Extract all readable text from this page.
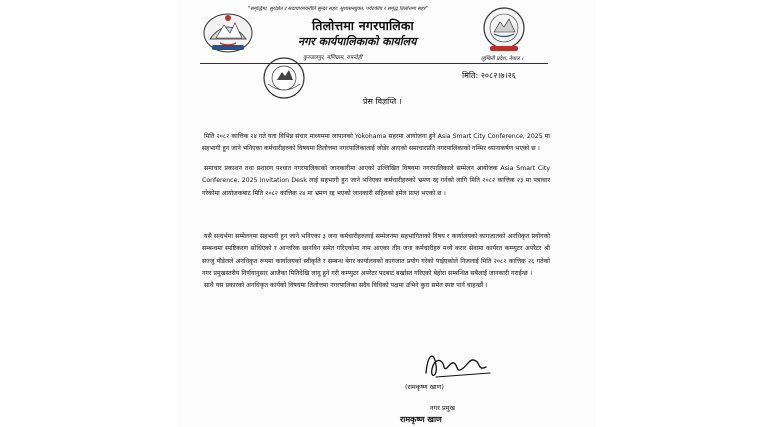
"समृद्धिमा, सुरक्षित र सदाचारमयनीति सुन्दर सहर: सुशासनयुक्त, पर्यटकीय र समृद्ध तिलोत्तमा सहर"
तिलोत्तमा नगरपालिका
नगर कार्यपालिकाको कार्यालय
कुञ्जलपुर, मणिग्राम, रुपन्देही	लुम्बिनी प्रदेश, नेपाल ।
मिति: २०८२।७।२६
प्रेस विज्ञप्ति ।
मिति २०८२ कात्तिक २४ गते यता विभिन्न संचार माध्यममा जापानको Yokohama सहरमा आयोजना हुने Asia Smart City Conference, 2025 मा सहभागी हुन जाने भनिएका कर्मचारीहरुको विषयमा तिलोत्तमा नगरपालिकालाई जोडेर आएको समाचारप्रति नगरपालिकाको गम्भिर ध्यानाकर्षण भएको छ ।
समाचार प्रकाशन तथा प्रशारण पश्चात नगरपालिकाको जानकारीमा आएको उल्लिखित विषयमा नगरपालिकाले सम्मेलन आयोजक Asia Smart City Conference, 2025 Invitation Desk लाई सहभागी हुन जाने भनिएका कर्मचारीहरुको भ्रमण रद्द गर्नको लागि मिति २०८२ कात्तिक २३ मा पत्राचार गरेकोमा आयोजकबाट मिति २०८२ कात्तिक २४ मा भ्रमण रद्द भएको जानकारी सहितको इमेल प्राप्त भएको छ ।
यसै सन्दर्भमा सम्मेलनमा सहभागी हुन जाने भनिएका ३ जना कर्मचारीहरुलाई सम्मेलनमा सहभागिताको विषय र कार्यालयको कागजातको अनधिकृत प्रयोगको सम्बन्धमा स्पष्टिकरण सोधिएको र आन्तरिक छानविन समेत गरिएकोमा नाम आएका तीन जना कर्मचारीहरु मध्ये करार सेवामा कार्यरत कम्प्युटर अपरेटर श्री सज्जु पौडेलले अनधिकृत रूपमा कार्यालयको स्वीकृति र सम्बन्ध बेगर कार्यालयको कागजात प्रयोग गरेको पाईएकोले निजलाई मिति २०८२ कात्तिक २६ गतेको नगर प्रमुखस्तरीय निर्णयानुसार आजैका मितिदेखि लागु हुने गरी कम्प्युटर अपरेटर पदबाट बर्खास्त गरिएको बेहोरा सम्बन्धित सबैलाई जानकारी गराईन्छ ।
साथै यस प्रकारको अनधिकृत कार्यको विषयमा तिलोत्तमा नगरपालिका सदैव विधिको पक्षमा उभिने कुरा समेत स्पष्ट पार्न चाहन्छौं ।
(रामकृष्ण खाण)
नगर प्रमुख
रामकृष्ण खाण
